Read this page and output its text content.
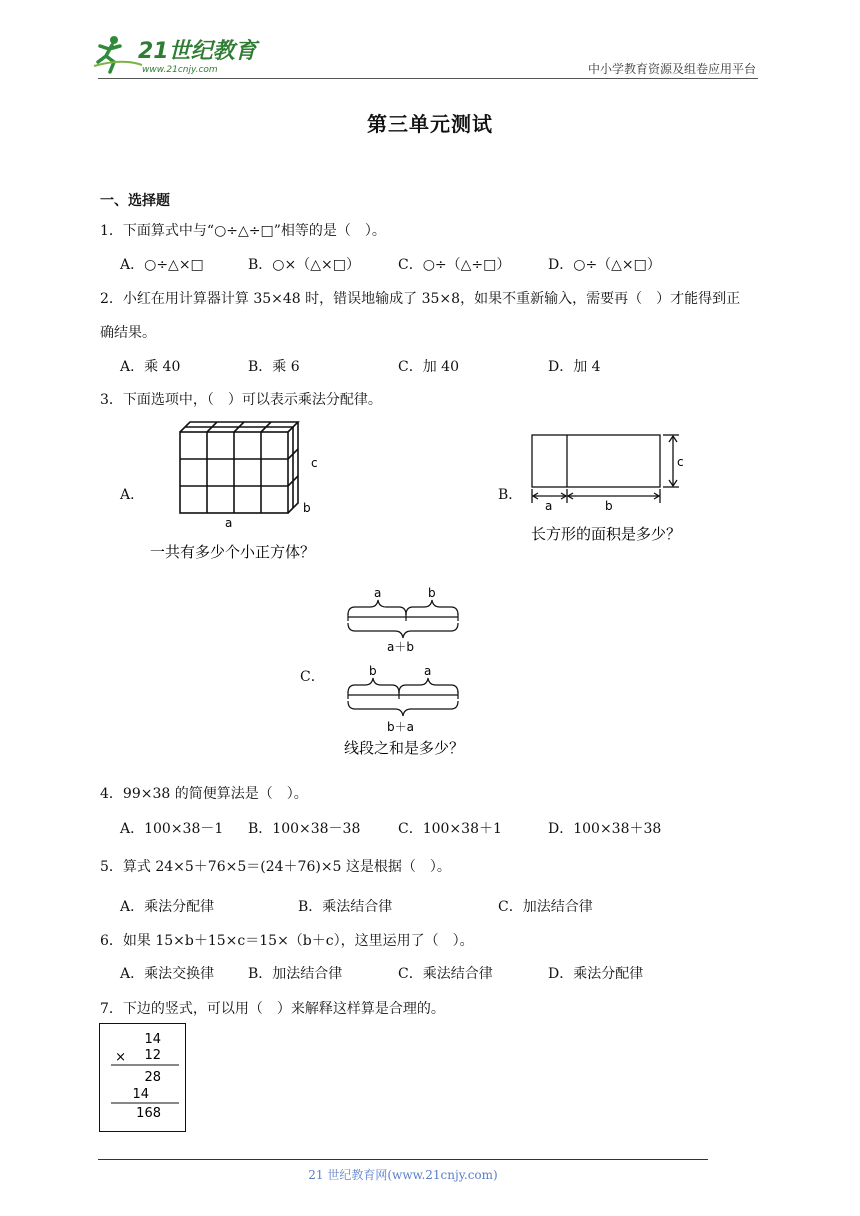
21世纪教育
www.21cnjy.com	中小学教育资源及组卷应用平台
第三单元测试
一、选择题
1．下面算式中与“○÷△÷□”相等的是（　）。
A．○÷△×□	B．○×（△×□）	C．○÷（△÷□）	D．○÷（△×□）
2．小红在用计算器计算 35×48 时，错误地输成了 35×8，如果不重新输入，需要再（　）才能得到正
确结果。
A．乘 40	B．乘 6	C．加 40	D．加 4
3．下面选项中，（　）可以表示乘法分配律。
A．
a
b
c
一共有多少个小正方体？
B．
c
a	b
长方形的面积是多少？
C．
a	b
a＋b
b	a
b＋a
线段之和是多少？
4．99×38 的简便算法是（　）。
A．100×38－1 B．100×38－38	C．100×38＋1	D．100×38＋38
5．算式 24×5＋76×5＝(24＋76)×5 这是根据（　）。
A．乘法分配律	B．乘法结合律	C．加法结合律
6．如果 15×b＋15×c＝15×（b＋c），这里运用了（　）。
A．乘法交换律 B．加法结合律	C．乘法结合律	D．乘法分配律
7．下边的竖式，可以用（　）来解释这样算是合理的。
14
× 12
28
14
168
21 世纪教育网(www.21cnjy.com)
